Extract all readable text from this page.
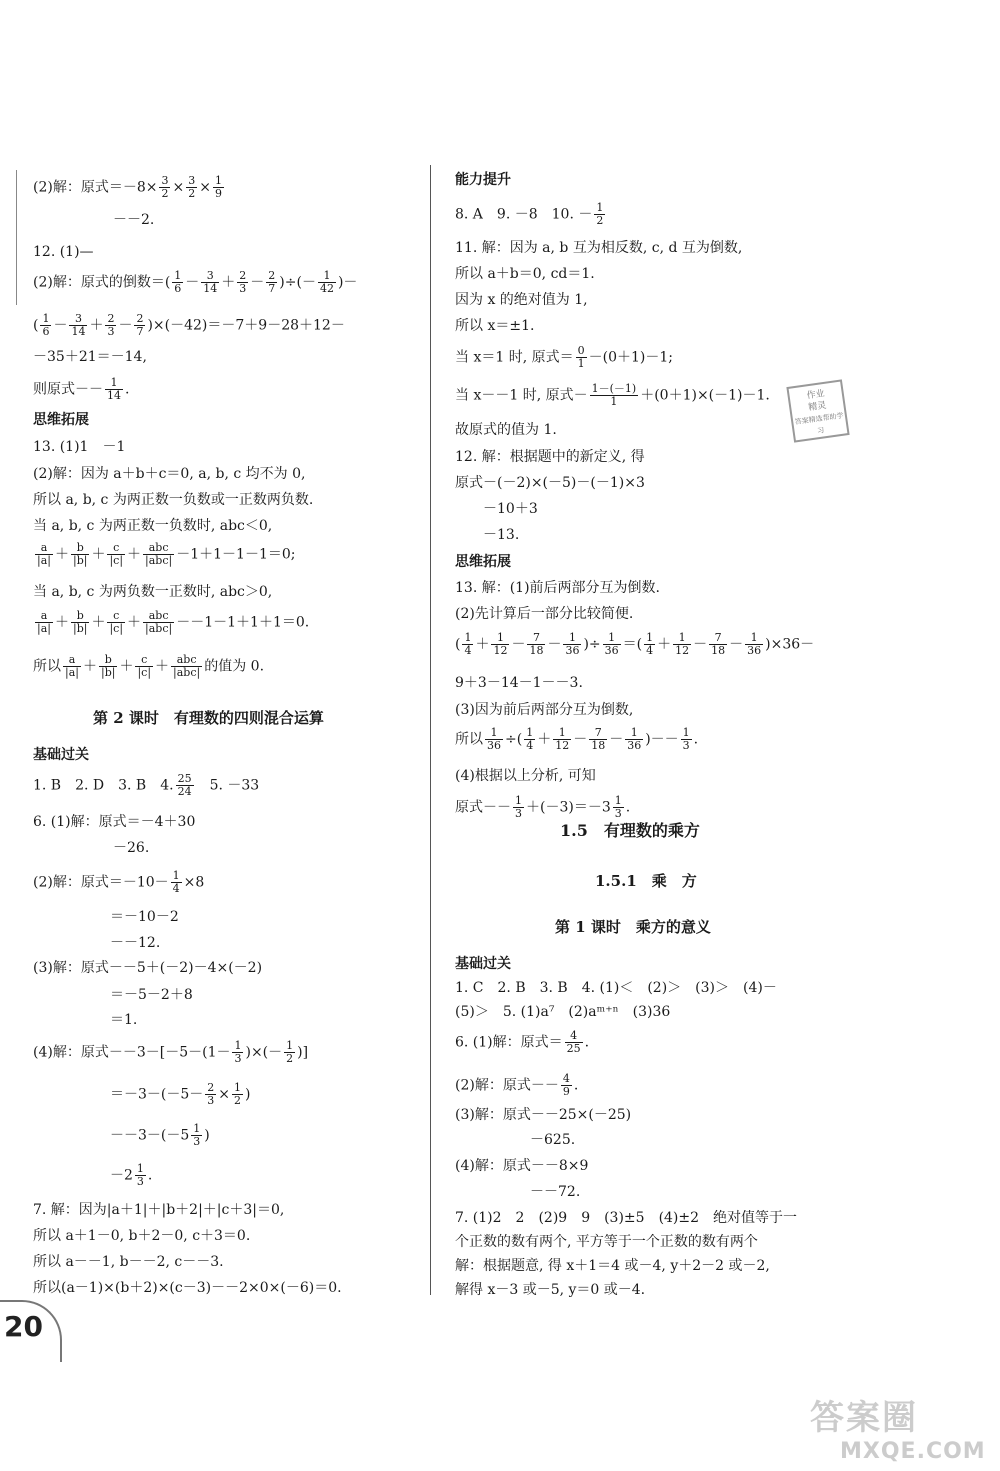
(2)解：原式$=-8\times \frac{3}{2} \times \frac{3}{2} \times \frac{1}{9}$
－－2.
12. (1)—
(2)解：原式的倒数＝( $\frac{1}{6} - \frac{3}{14} + \frac{2}{3} - \frac{2}{7}$ )÷(－ $\frac{1}{42}$ )－
( $\frac{1}{6} - \frac{3}{14} + \frac{2}{3} - \frac{2}{7} )\times(-42)=-7+9-28+12-$
－35＋21＝－14,
则原式－－ $\frac{1}{14}$ .
思维拓展
13. (1)1　－1
(2)解：因为 a＋b＋c＝0, a, b, c 均不为 0,
所以 a, b, c 为两正数一负数或一正数两负数.
当 a, b, c 为两正数一负数时, abc＜0,
$\frac{a}{|a|} + \frac{b}{|b|} + \frac{c}{|c|} + \frac{\text{abc}}{\text{|abc|}} -1+1-1-1=0$;
当 a, b, c 为两负数一正数时, abc＞0,
$\frac{a}{|a|} + \frac{b}{|b|} + \frac{c}{|c|} + \frac{\text{abc}}{\text{|abc|}} --1-1+1+1=0$.
所以 $\frac{a}{|a|} + \frac{b}{|b|} + \frac{c}{|c|} + \frac{\text{abc}}{\text{|abc|}}$ 的值为 0.
第 2 课时　有理数的四则混合运算
基础过关
1. B　2. D　3. B　4. $\frac{25}{24}$ 　5. －33
6. (1)解：原式＝－4＋30
－26.
(2)解：原式$=-10- \frac{1}{4} \times 8$
＝－10－2
－－12.
(3)解：原式－－5＋(－2)－4×(－2)
＝－5－2＋8
＝1.
(4)解：原式$--3-[-5-(1- \frac{1}{3}$ )×(－ $\frac{1}{2}$ )]
$=-3-(-5- \frac{2}{3} \times \frac{1}{2}$ )
$--3-(-5 \frac{1}{3}$ )
$-2 \frac{1}{3}$ .
7. 解：因为|a＋1|＋|b＋2|＋|c＋3|＝0,
所以 a＋1－0, b＋2－0, c＋3＝0.
所以 a－－1, b－－2, c－－3.
所以(a－1)×(b＋2)×(c－3)－－2×0×(－6)＝0.
能力提升
8. A　9. －8　10. － $\frac{1}{2}$
11. 解：因为 a, b 互为相反数, c, d 互为倒数,
所以 a＋b＝0, cd＝1.
因为 x 的绝对值为 1,
所以 x＝±1.
当 x＝1 时, 原式＝ $\frac{0}{1} -(0+1)-1$;
当 x－－1 时, 原式－ $\frac{1-(-1)}{1} +(0+1)\times(-1)-1$.
故原式的值为 1.
12. 解：根据题中的新定义, 得
原式－(－2)×(－5)－(－1)×3
－10＋3
－13.
思维拓展
13. 解：(1)前后两部分互为倒数.
(2)先计算后一部分比较简便.
( $\frac{1}{4} + \frac{1}{12} - \frac{7}{18} - \frac{1}{36}$ )÷ $\frac{1}{36}$ ＝( $\frac{1}{4} + \frac{1}{12} - \frac{7}{18} - \frac{1}{36} )\times 36-$
9＋3－14－1－－3.
(3)因为前后两部分互为倒数,
所以 $\frac{1}{36}$ ÷( $\frac{1}{4} + \frac{1}{12} - \frac{7}{18} - \frac{1}{36}$ )－－ $\frac{1}{3}$ .
(4)根据以上分析, 可知
原式－－ $\frac{1}{3} +(-3)=-3 \frac{1}{3}$ .
1.5　有理数的乘方
1.5.1　乘　方
第 1 课时　乘方的意义
基础过关
1. C　2. B　3. B　4. (1)＜　(2)＞　(3)＞　(4)－
(5)＞　5. (1)a⁷　(2)aᵐ⁺ⁿ　(3)36
6. (1)解：原式＝ $\frac{4}{25}$ .
(2)解：原式－－ $\frac{4}{9}$ .
(3)解：原式－－25×(－25)
－625.
(4)解：原式－－8×9
－－72.
7. (1)2　2　(2)9　9　(3)±5　(4)±2　绝对值等于一
个正数的数有两个, 平方等于一个正数的数有两个
解：根据题意, 得 x＋1＝4 或－4, y＋2－2 或－2,
解得 x－3 或－5, y＝0 或－4.
作业
精灵
答案精选帮助学习
20
答案圈
MXQE.COM
